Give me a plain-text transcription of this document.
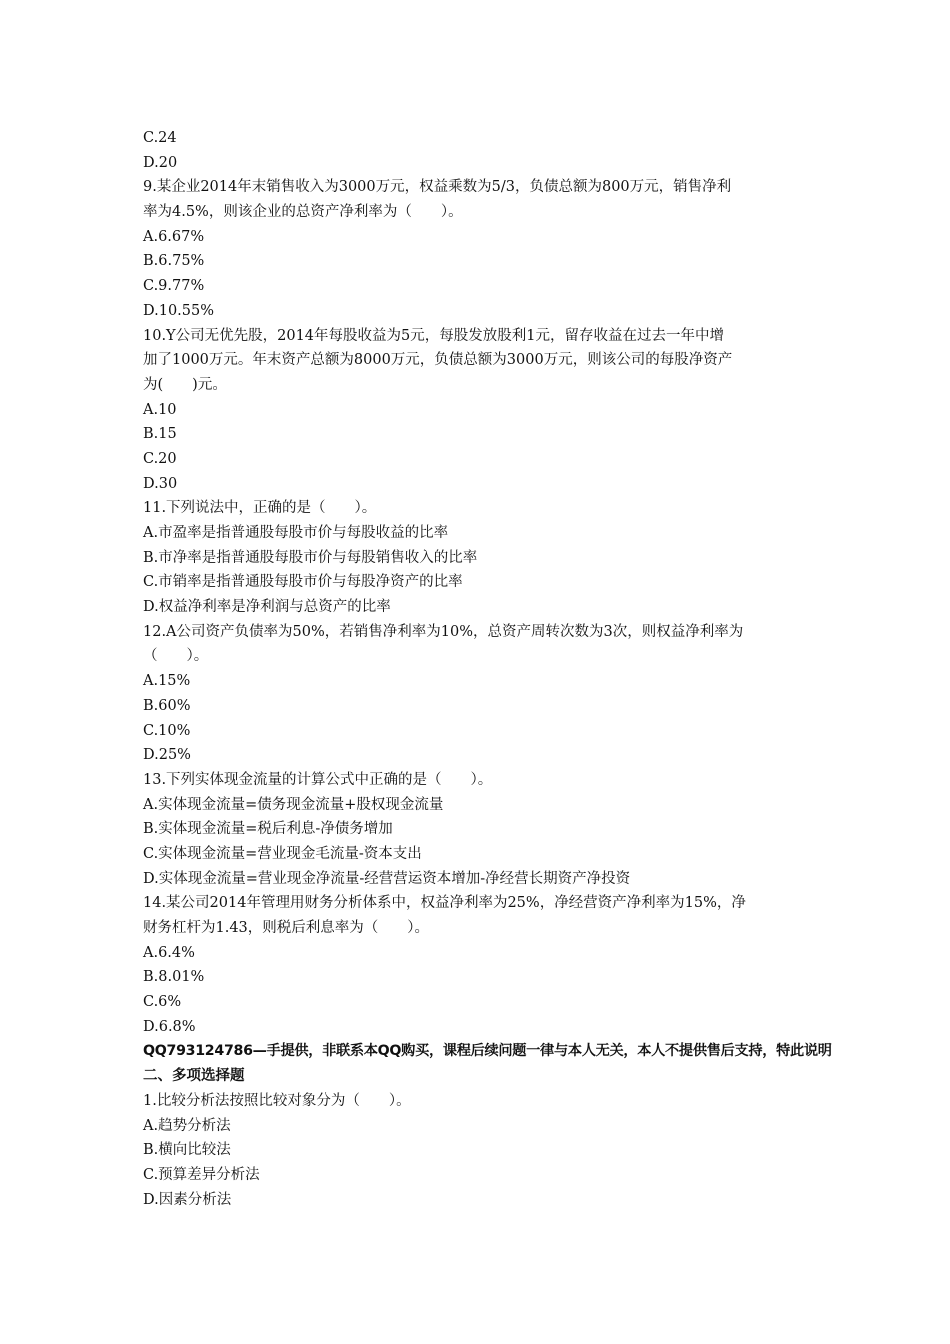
C.24
D.20
9.某企业2014年末销售收入为3000万元，权益乘数为5/3，负债总额为800万元，销售净利
率为4.5%，则该企业的总资产净利率为（　　）。
A.6.67%
B.6.75%
C.9.77%
D.10.55%
10.Y公司无优先股，2014年每股收益为5元，每股发放股利1元，留存收益在过去一年中增
加了1000万元。年末资产总额为8000万元，负债总额为3000万元，则该公司的每股净资产
为(　　)元。
A.10
B.15
C.20
D.30
11.下列说法中，正确的是（　　）。
A.市盈率是指普通股每股市价与每股收益的比率
B.市净率是指普通股每股市价与每股销售收入的比率
C.市销率是指普通股每股市价与每股净资产的比率
D.权益净利率是净利润与总资产的比率
12.A公司资产负债率为50%，若销售净利率为10%，总资产周转次数为3次，则权益净利率为
（　　）。
A.15%
B.60%
C.10%
D.25%
13.下列实体现金流量的计算公式中正确的是（　　）。
A.实体现金流量=债务现金流量+股权现金流量
B.实体现金流量=税后利息-净债务增加
C.实体现金流量=营业现金毛流量-资本支出
D.实体现金流量=营业现金净流量-经营营运资本增加-净经营长期资产净投资
14.某公司2014年管理用财务分析体系中，权益净利率为25%，净经营资产净利率为15%，净
财务杠杆为1.43，则税后利息率为（　　）。
A.6.4%
B.8.01%
C.6%
D.6.8%
QQ793124786—手提供，非联系本QQ购买，课程后续问题一律与本人无关，本人不提供售后支持，特此说明
二、多项选择题
1.比较分析法按照比较对象分为（　　）。
A.趋势分析法
B.横向比较法
C.预算差异分析法
D.因素分析法
